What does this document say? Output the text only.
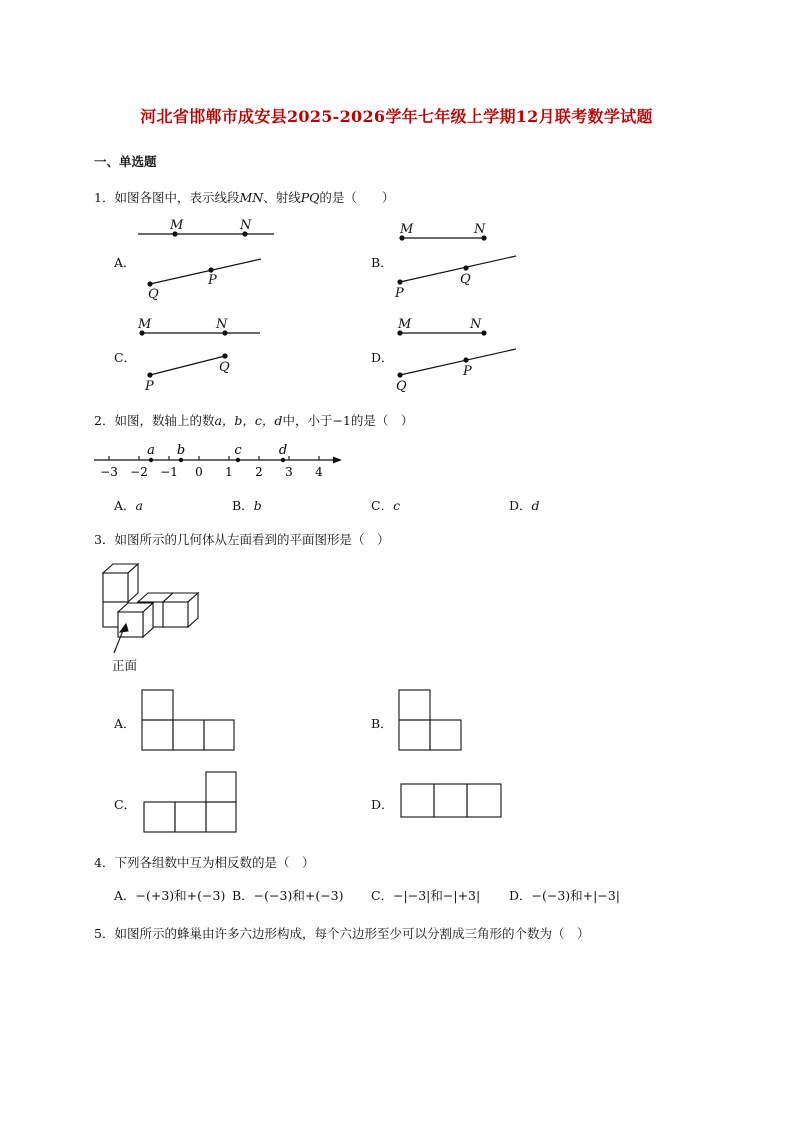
河北省邯郸市成安县2025-2026学年七年级上学期12月联考数学试题
一、单选题
1．如图各图中，表示线段MN、射线PQ的是（　　）
M	N
Q
P
M	N
P
Q
M	N
P
Q
M	N
Q
P
A．	B．
C．	D．
2．如图，数轴上的数a，b，c，d中，小于−1的是（　）
−3 −2 −1 0 1 2 3 4
a b	c	d
A．a	B．b	C．c	D．d
3．如图所示的几何体从左面看到的平面图形是（　）
正面
A．	B．
C．	D．
4．下列各组数中互为相反数的是（　）
A．−(+3)和+(−3) B．−(−3)和+(−3) C．−|−3|和−|+3| D．−(−3)和+|−3|
5．如图所示的蜂巢由许多六边形构成，每个六边形至少可以分割成三角形的个数为（　）
